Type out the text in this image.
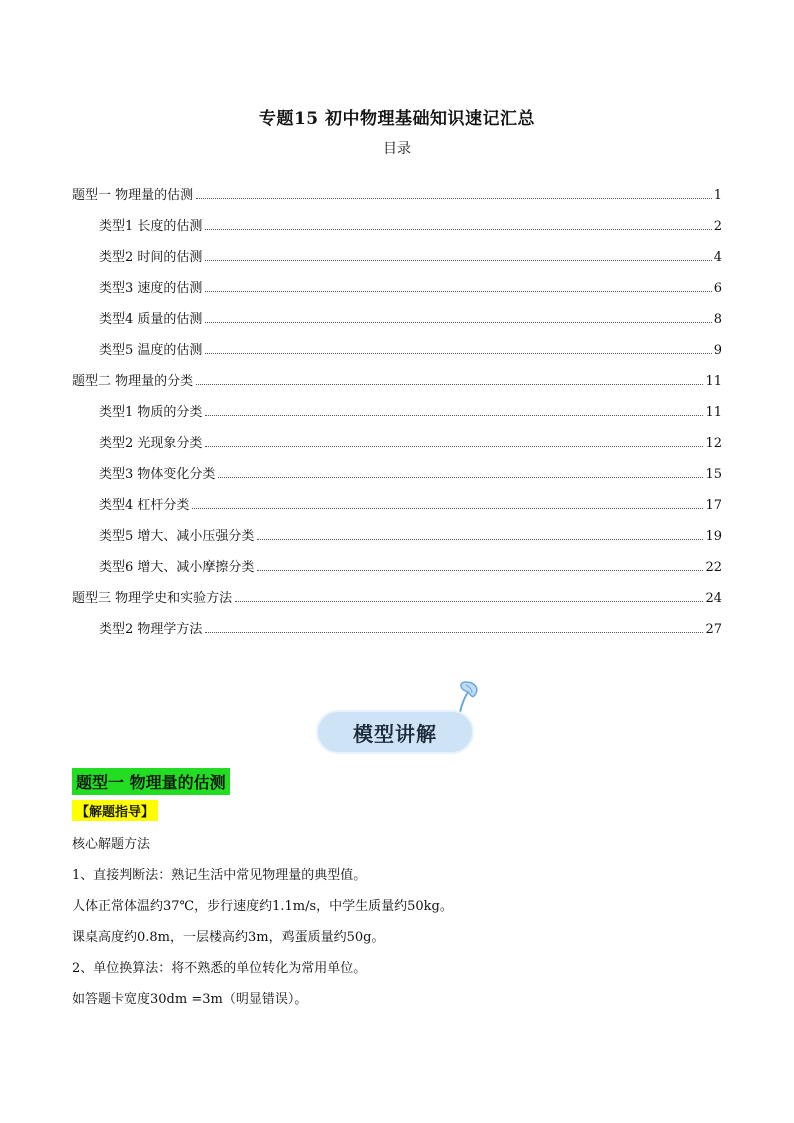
专题15 初中物理基础知识速记汇总
目录
题型一 物理量的估测	1
类型1 长度的估测	2
类型2 时间的估测	4
类型3 速度的估测	6
类型4 质量的估测	8
类型5 温度的估测	9
题型二 物理量的分类	11
类型1 物质的分类	11
类型2 光现象分类	12
类型3 物体变化分类	15
类型4 杠杆分类	17
类型5 增大、减小压强分类	19
类型6 增大、减小摩擦分类	22
题型三 物理学史和实验方法	24
类型2 物理学方法	27
模型讲解
题型一 物理量的估测
【解题指导】
核心解题方法
1、直接判断法：熟记生活中常见物理量的典型值。
人体正常体温约37℃，步行速度约1.1m/s，中学生质量约50kg。
课桌高度约0.8m，一层楼高约3m，鸡蛋质量约50g。
2、单位换算法：将不熟悉的单位转化为常用单位。
如答题卡宽度30dm =3m（明显错误）。
